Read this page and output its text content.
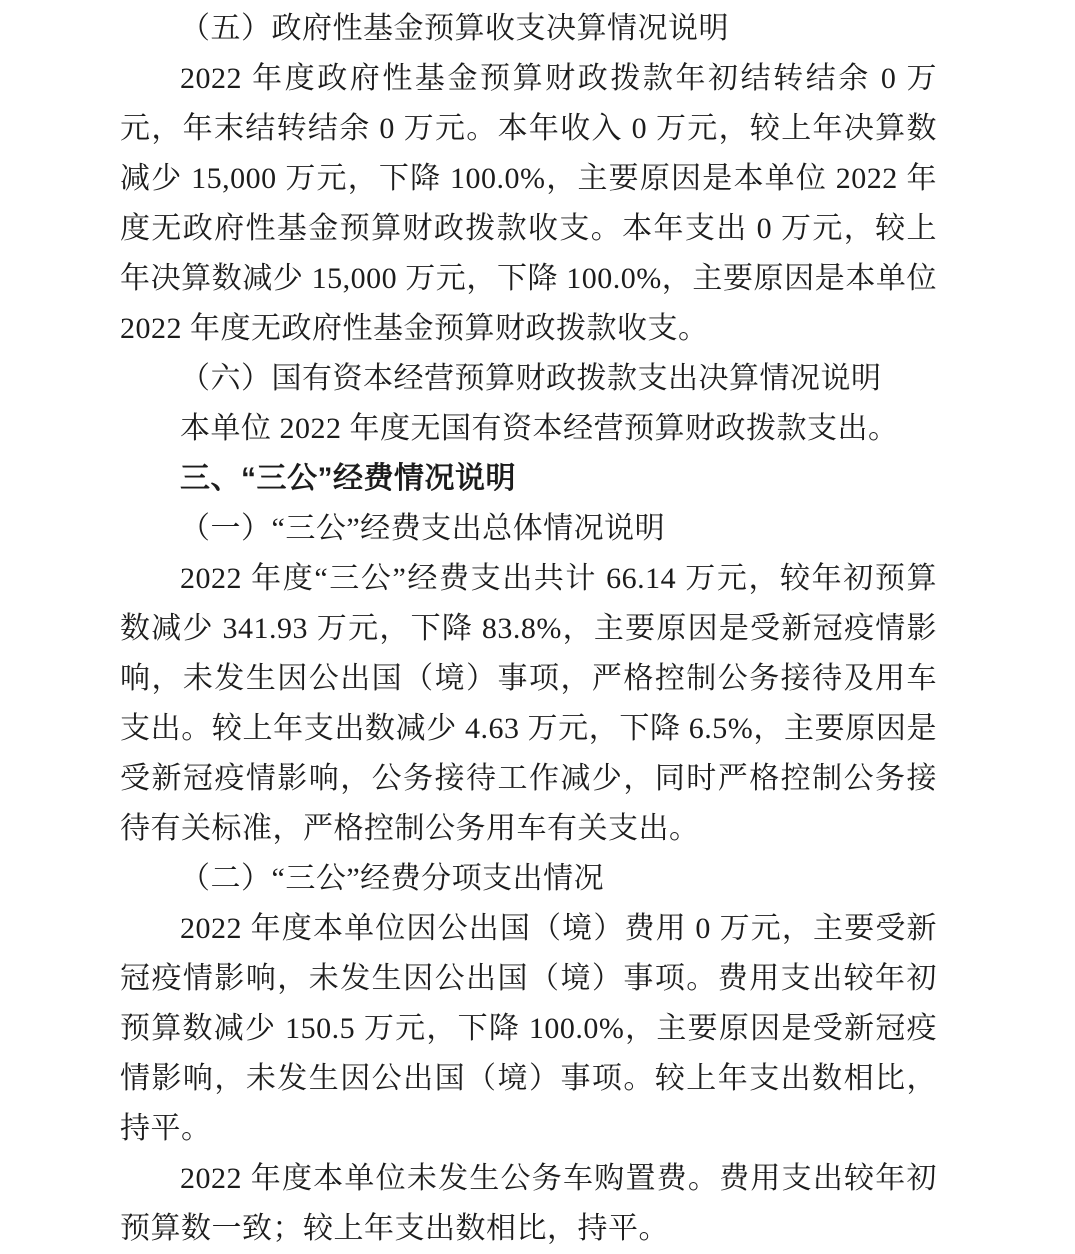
（五）政府性基金预算收支决算情况说明

2022 年度政府性基金预算财政拨款年初结转结余 0 万元，年末结转结余 0 万元。本年收入 0 万元，较上年决算数减少 15,000 万元，下降 100.0%，主要原因是本单位 2022 年度无政府性基金预算财政拨款收支。本年支出 0 万元，较上年决算数减少 15,000 万元，下降 100.0%，主要原因是本单位 2022 年度无政府性基金预算财政拨款收支。

（六）国有资本经营预算财政拨款支出决算情况说明

本单位 2022 年度无国有资本经营预算财政拨款支出。

三、“三公”经费情况说明

（一）“三公”经费支出总体情况说明

2022 年度“三公”经费支出共计 66.14 万元，较年初预算数减少 341.93 万元，下降 83.8%，主要原因是受新冠疫情影响，未发生因公出国（境）事项，严格控制公务接待及用车支出。较上年支出数减少 4.63 万元，下降 6.5%，主要原因是受新冠疫情影响，公务接待工作减少，同时严格控制公务接待有关标准，严格控制公务用车有关支出。

（二）“三公”经费分项支出情况

2022 年度本单位因公出国（境）费用 0 万元，主要受新冠疫情影响，未发生因公出国（境）事项。费用支出较年初预算数减少 150.5 万元，下降 100.0%，主要原因是受新冠疫情影响，未发生因公出国（境）事项。较上年支出数相比，持平。

2022 年度本单位未发生公务车购置费。费用支出较年初预算数一致；较上年支出数相比，持平。
